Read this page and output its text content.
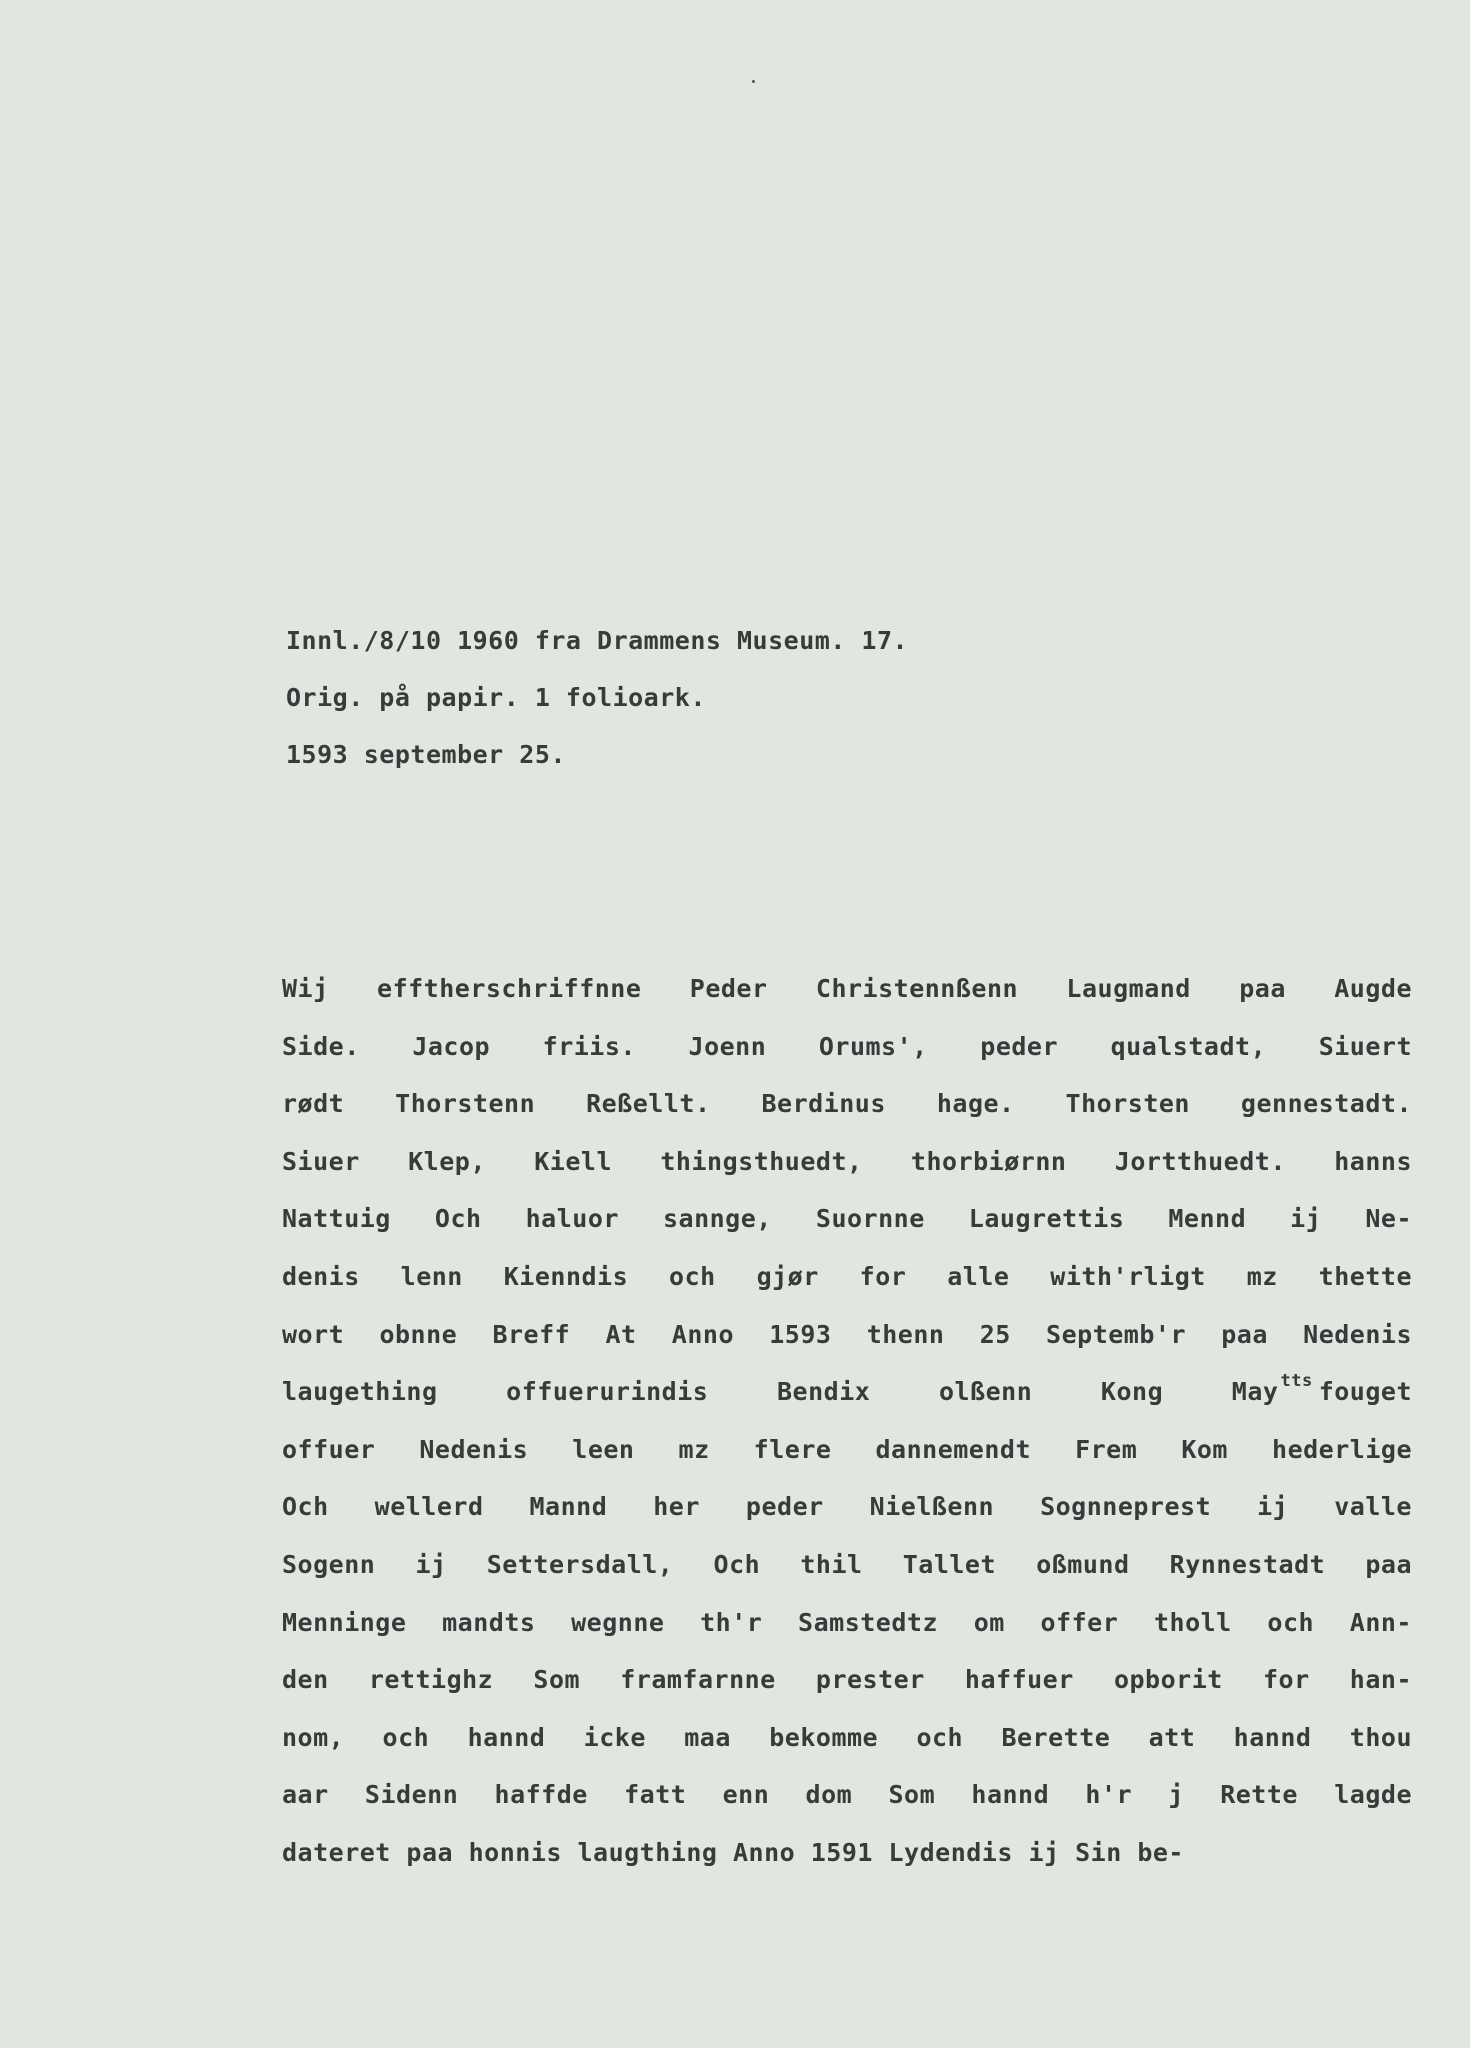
Innl./8/10 1960 fra Drammens Museum. 17.
Orig. på papir. 1 folioark.
1593 september 25.
Wij efftherschriffnne Peder Christennßenn Laugmand paa Augde
Side. Jacop friis. Joenn Orums', peder qualstadt, Siuert
rødt Thorstenn Reßellt. Berdinus hage. Thorsten gennestadt.
Siuer Klep, Kiell thingsthuedt, thorbiørnn Jortthuedt. hanns
Nattuig Och haluor sannge, Suornne Laugrettis Mennd ij Ne-
denis lenn Kienndis och gjør for alle with'rligt mz thette
wort obnne Breff At Anno 1593 thenn 25 Septemb'r paa Nedenis
laugething offuerurindis Bendix olßenn Kong May $^{tts}$ fouget
offuer Nedenis leen mz flere dannemendt Frem Kom hederlige
Och wellerd Mannd her peder Nielßenn Sognneprest ij valle
Sogenn ij Settersdall, Och thil Tallet oßmund Rynnestadt paa
Menninge mandts wegnne th'r Samstedtz om offer tholl och Ann-
den rettighz Som framfarnne prester haffuer opborit for han-
nom, och hannd icke maa bekomme och Berette att hannd thou
aar Sidenn haffde fatt enn dom Som hannd h'r j Rette lagde
dateret paa honnis laugthing Anno 1591 Lydendis ij Sin be-
